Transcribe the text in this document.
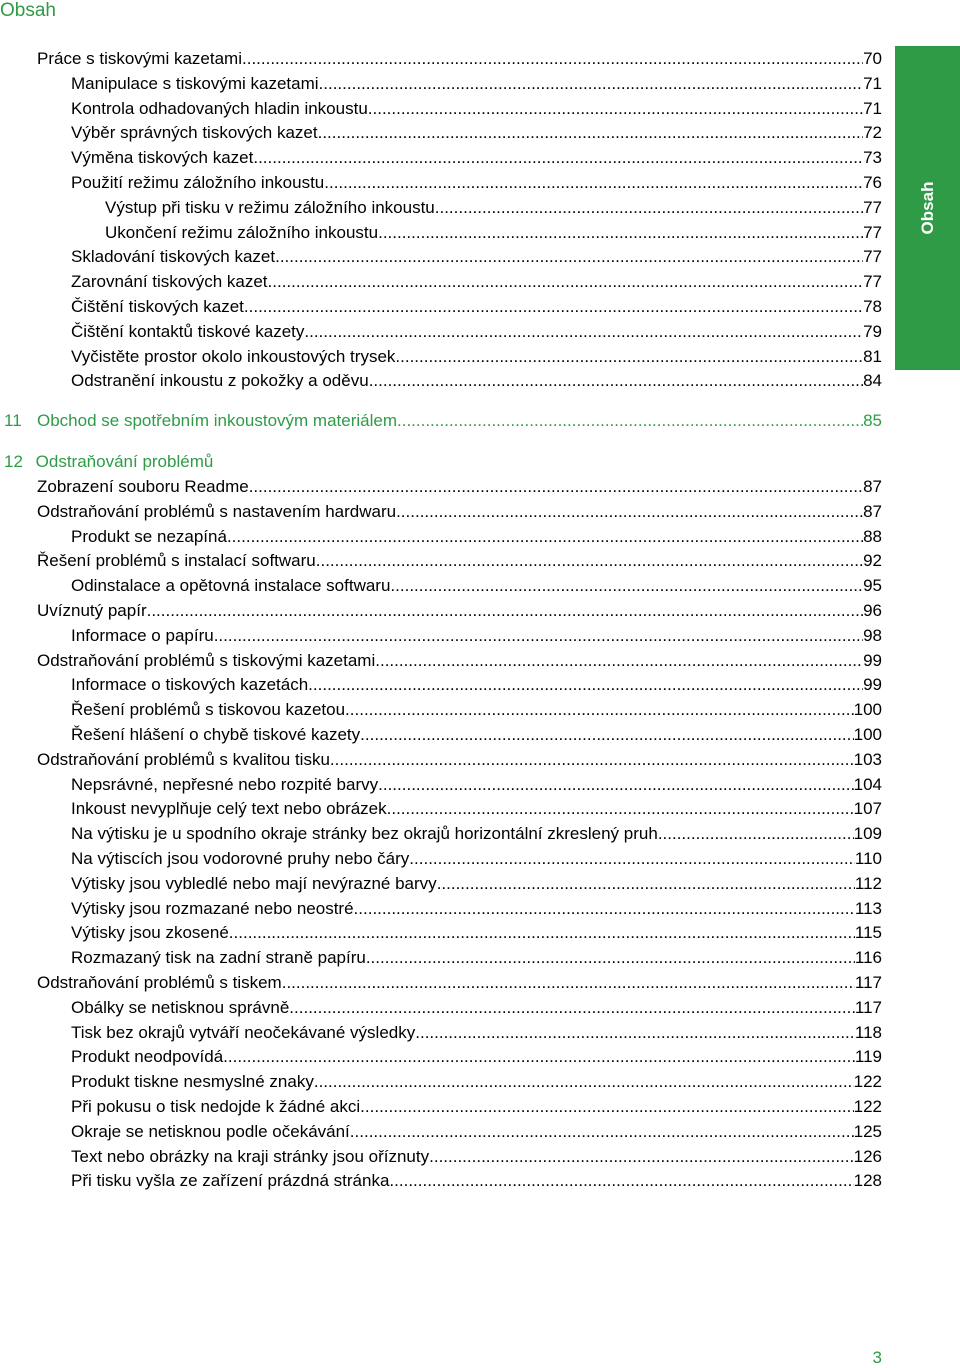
Obsah
Obsah
Práce s tiskovými kazetami .....	70
Manipulace s tiskovými kazetami .....	71
Kontrola odhadovaných hladin inkoustu .....	71
Výběr správných tiskových kazet .....	72
Výměna tiskových kazet .....	73
Použití režimu záložního inkoustu .....	76
Výstup při tisku v režimu záložního inkoustu .....	77
Ukončení režimu záložního inkoustu .....	77
Skladování tiskových kazet .....	77
Zarovnání tiskových kazet .....	77
Čištění tiskových kazet .....	78
Čištění kontaktů tiskové kazety .....	79
Vyčistěte prostor okolo inkoustových trysek .....	81
Odstranění inkoustu z pokožky a oděvu .....	84
11 Obchod se spotřebním inkoustovým materiálem .....	85
12 Odstraňování problémů
Zobrazení souboru Readme .....	87
Odstraňování problémů s nastavením hardwaru .....	87
Produkt se nezapíná .....	88
Řešení problémů s instalací softwaru .....	92
Odinstalace a opětovná instalace softwaru .....	95
Uvíznutý papír .....	96
Informace o papíru .....	98
Odstraňování problémů s tiskovými kazetami .....	99
Informace o tiskových kazetách .....	99
Řešení problémů s tiskovou kazetou .....	100
Řešení hlášení o chybě tiskové kazety .....	100
Odstraňování problémů s kvalitou tisku .....	103
Nepsrávné, nepřesné nebo rozpité barvy .....	104
Inkoust nevyplňuje celý text nebo obrázek .....	107
Na výtisku je u spodního okraje stránky bez okrajů horizontální zkreslený pruh .....	109
Na výtiscích jsou vodorovné pruhy nebo čáry .....	110
Výtisky jsou vybledlé nebo mají nevýrazné barvy .....	112
Výtisky jsou rozmazané nebo neostré .....	113
Výtisky jsou zkosené .....	115
Rozmazaný tisk na zadní straně papíru .....	116
Odstraňování problémů s tiskem .....	117
Obálky se netisknou správně .....	117
Tisk bez okrajů vytváří neočekávané výsledky .....	118
Produkt neodpovídá .....	119
Produkt tiskne nesmyslné znaky .....	122
Při pokusu o tisk nedojde k žádné akci .....	122
Okraje se netisknou podle očekávání .....	125
Text nebo obrázky na kraji stránky jsou oříznuty .....	126
Při tisku vyšla ze zařízení prázdná stránka .....	128
3
